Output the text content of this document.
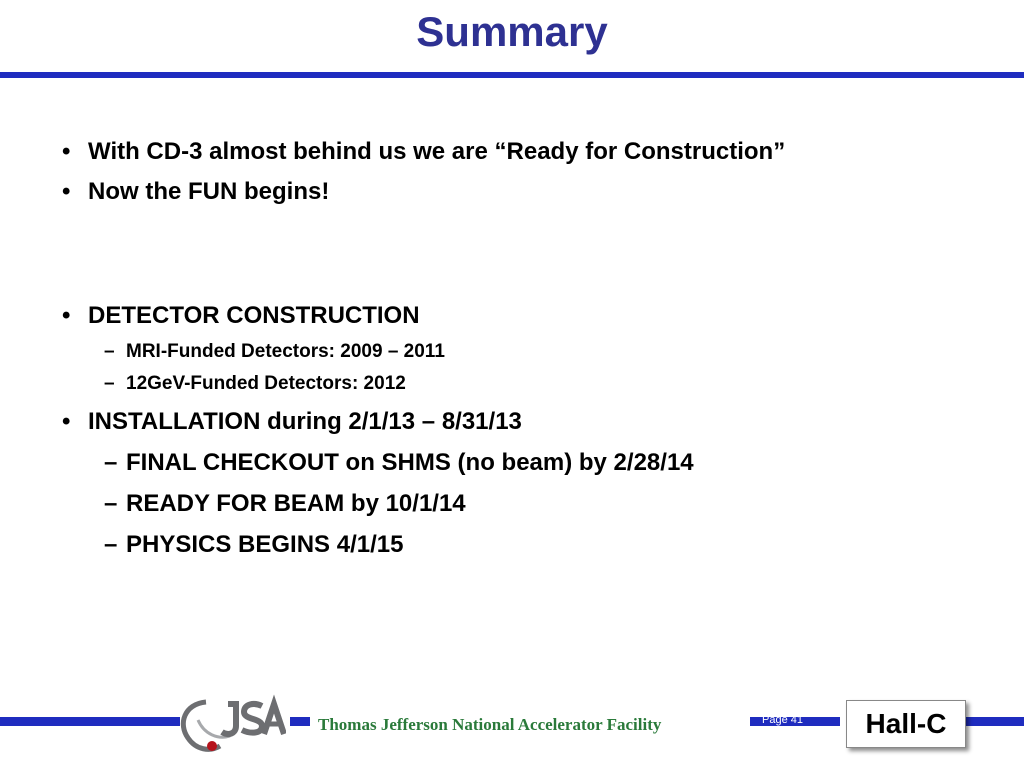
Summary
• With CD-3 almost behind us we are “Ready for Construction”
• Now the FUN begins!
• DETECTOR CONSTRUCTION
– MRI-Funded Detectors: 2009 – 2011
– 12GeV-Funded Detectors: 2012
• INSTALLATION during 2/1/13 – 8/31/13
– FINAL CHECKOUT on SHMS (no beam) by 2/28/14
– READY FOR BEAM by 10/1/14
– PHYSICS BEGINS 4/1/15
JSA
Thomas Jefferson National Accelerator Facility	Page 41	Hall-C
